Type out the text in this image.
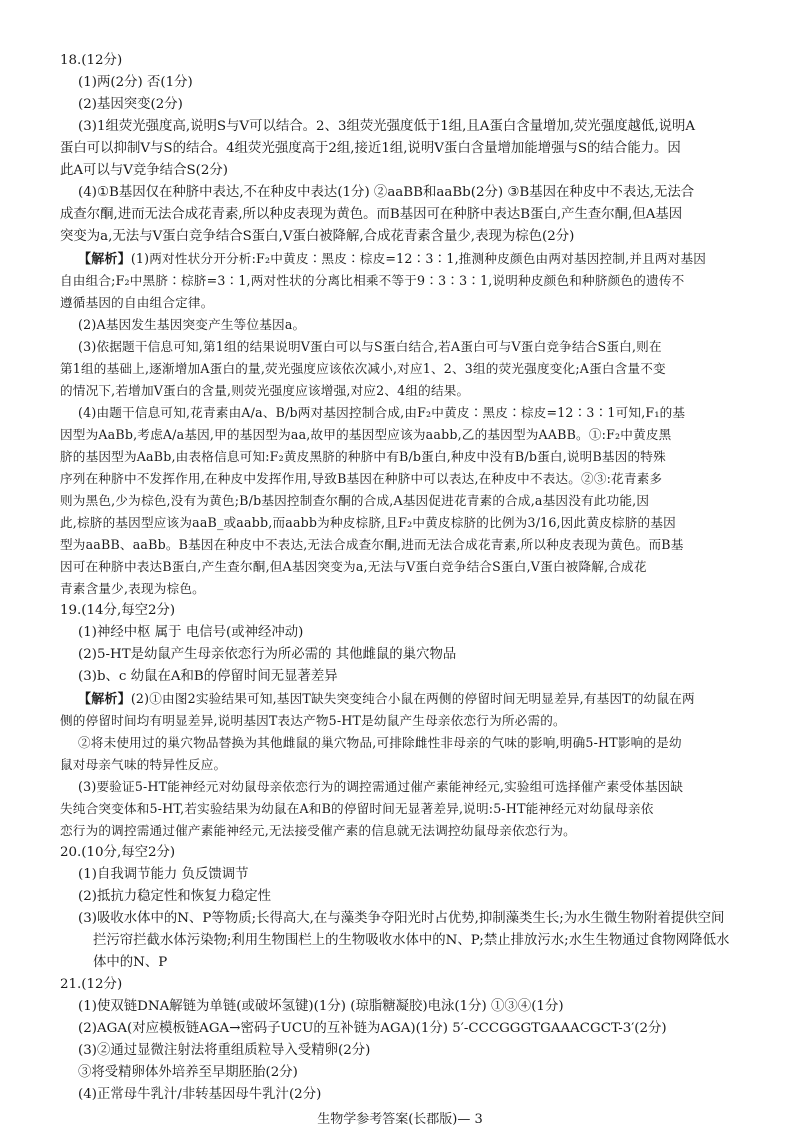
18.(12分)
(1)两(2分) 否(1分)
(2)基因突变(2分)
(3)1组荧光强度高,说明S与V可以结合。2、3组荧光强度低于1组,且A蛋白含量增加,荧光强度越低,说明A
蛋白可以抑制V与S的结合。4组荧光强度高于2组,接近1组,说明V蛋白含量增加能增强与S的结合能力。因
此A可以与V竞争结合S(2分)
(4)①B基因仅在种脐中表达,不在种皮中表达(1分) ②aaBB和aaBb(2分) ③B基因在种皮中不表达,无法合
成查尔酮,进而无法合成花青素,所以种皮表现为黄色。而B基因可在种脐中表达B蛋白,产生查尔酮,但A基因
突变为a,无法与V蛋白竞争结合S蛋白,V蛋白被降解,合成花青素含量少,表现为棕色(2分)
【解析】(1)两对性状分开分析:F₂中黄皮∶黑皮∶棕皮=12∶3∶1,推测种皮颜色由两对基因控制,并且两对基因
自由组合;F₂中黑脐∶棕脐=3∶1,两对性状的分离比相乘不等于9∶3∶3∶1,说明种皮颜色和种脐颜色的遗传不
遵循基因的自由组合定律。
(2)A基因发生基因突变产生等位基因a。
(3)依据题干信息可知,第1组的结果说明V蛋白可以与S蛋白结合,若A蛋白可与V蛋白竞争结合S蛋白,则在
第1组的基础上,逐渐增加A蛋白的量,荧光强度应该依次减小,对应1、2、3组的荧光强度变化;A蛋白含量不变
的情况下,若增加V蛋白的含量,则荧光强度应该增强,对应2、4组的结果。
(4)由题干信息可知,花青素由A/a、B/b两对基因控制合成,由F₂中黄皮∶黑皮∶棕皮=12∶3∶1可知,F₁的基
因型为AaBb,考虑A/a基因,甲的基因型为aa,故甲的基因型应该为aabb,乙的基因型为AABB。①:F₂中黄皮黑
脐的基因型为AaBb,由表格信息可知:F₂黄皮黑脐的种脐中有B/b蛋白,种皮中没有B/b蛋白,说明B基因的特殊
序列在种脐中不发挥作用,在种皮中发挥作用,导致B基因在种脐中可以表达,在种皮中不表达。②③:花青素多
则为黑色,少为棕色,没有为黄色;B/b基因控制查尔酮的合成,A基因促进花青素的合成,a基因没有此功能,因
此,棕脐的基因型应该为aaB_或aabb,而aabb为种皮棕脐,且F₂中黄皮棕脐的比例为3/16,因此黄皮棕脐的基因
型为aaBB、aaBb。B基因在种皮中不表达,无法合成查尔酮,进而无法合成花青素,所以种皮表现为黄色。而B基
因可在种脐中表达B蛋白,产生查尔酮,但A基因突变为a,无法与V蛋白竞争结合S蛋白,V蛋白被降解,合成花
青素含量少,表现为棕色。
19.(14分,每空2分)
(1)神经中枢 属于 电信号(或神经冲动)
(2)5-HT是幼鼠产生母亲依恋行为所必需的 其他雌鼠的巢穴物品
(3)b、c 幼鼠在A和B的停留时间无显著差异
【解析】(2)①由图2实验结果可知,基因T缺失突变纯合小鼠在两侧的停留时间无明显差异,有基因T的幼鼠在两
侧的停留时间均有明显差异,说明基因T表达产物5-HT是幼鼠产生母亲依恋行为所必需的。
②将未使用过的巢穴物品替换为其他雌鼠的巢穴物品,可排除雌性非母亲的气味的影响,明确5-HT影响的是幼
鼠对母亲气味的特异性反应。
(3)要验证5-HT能神经元对幼鼠母亲依恋行为的调控需通过催产素能神经元,实验组可选择催产素受体基因缺
失纯合突变体和5-HT,若实验结果为幼鼠在A和B的停留时间无显著差异,说明:5-HT能神经元对幼鼠母亲依
恋行为的调控需通过催产素能神经元,无法接受催产素的信息就无法调控幼鼠母亲依恋行为。
20.(10分,每空2分)
(1)自我调节能力 负反馈调节
(2)抵抗力稳定性和恢复力稳定性
(3)吸收水体中的N、P等物质;长得高大,在与藻类争夺阳光时占优势,抑制藻类生长;为水生微生物附着提供空间
拦污帘拦截水体污染物;利用生物围栏上的生物吸收水体中的N、P;禁止排放污水;水生生物通过食物网降低水
体中的N、P
21.(12分)
(1)使双链DNA解链为单链(或破坏氢键)(1分) (琼脂糖凝胶)电泳(1分) ①③④(1分)
(2)AGA(对应模板链AGA→密码子UCU的互补链为AGA)(1分) 5′-CCCGGGTGAAACGCT-3′(2分)
(3)②通过显微注射法将重组质粒导入受精卵(2分)
③将受精卵体外培养至早期胚胎(2分)
(4)正常母牛乳汁/非转基因母牛乳汁(2分)
生物学参考答案(长郡版)— 3
